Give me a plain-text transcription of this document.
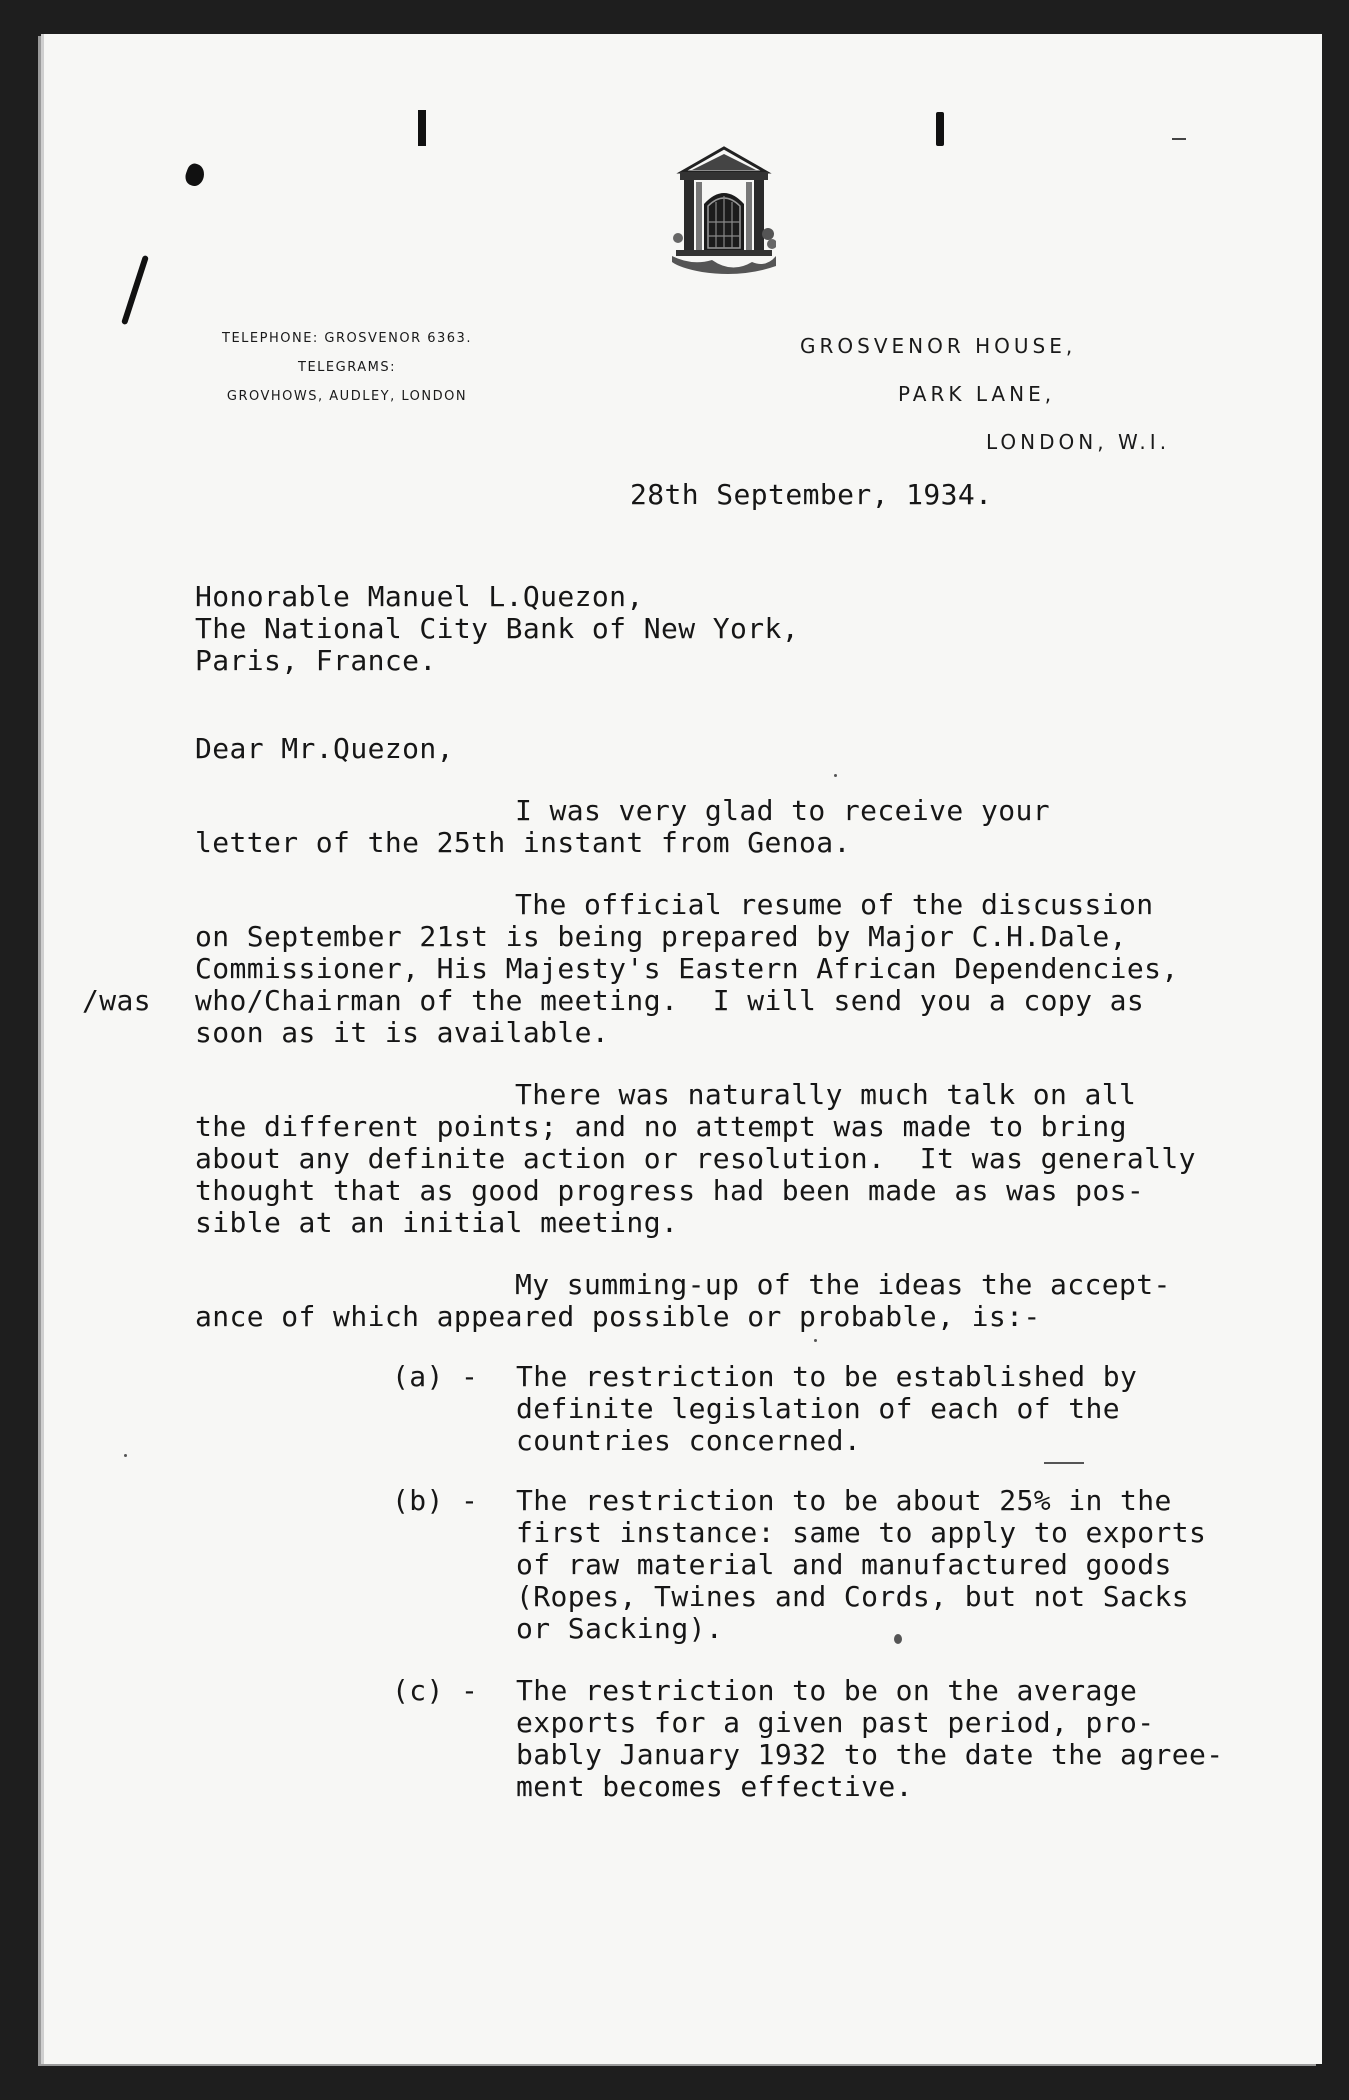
TELEPHONE: GROSVENOR 6363.
TELEGRAMS:
GROVHOWS, AUDLEY, LONDON
GROSVENOR HOUSE,
PARK LANE,
LONDON, W.I.
28th September, 1934.
Honorable Manuel L.Quezon,
The National City Bank of New York,
Paris, France.
Dear Mr.Quezon,
I was very glad to receive your
letter of the 25th instant from Genoa.
The official resume of the discussion
on September 21st is being prepared by Major C.H.Dale,
Commissioner, His Majesty's Eastern African Dependencies,
/was who/Chairman of the meeting.  I will send you a copy as
soon as it is available.
There was naturally much talk on all
the different points; and no attempt was made to bring
about any definite action or resolution.  It was generally
thought that as good progress had been made as was pos-
sible at an initial meeting.
My summing-up of the ideas the accept-
ance of which appeared possible or probable, is:-
(a) - The restriction to be established by
definite legislation of each of the
countries concerned.
(b) - The restriction to be about 25% in the
first instance: same to apply to exports
of raw material and manufactured goods
(Ropes, Twines and Cords, but not Sacks
or Sacking).
(c) - The restriction to be on the average
exports for a given past period, pro-
bably January 1932 to the date the agree-
ment becomes effective.
